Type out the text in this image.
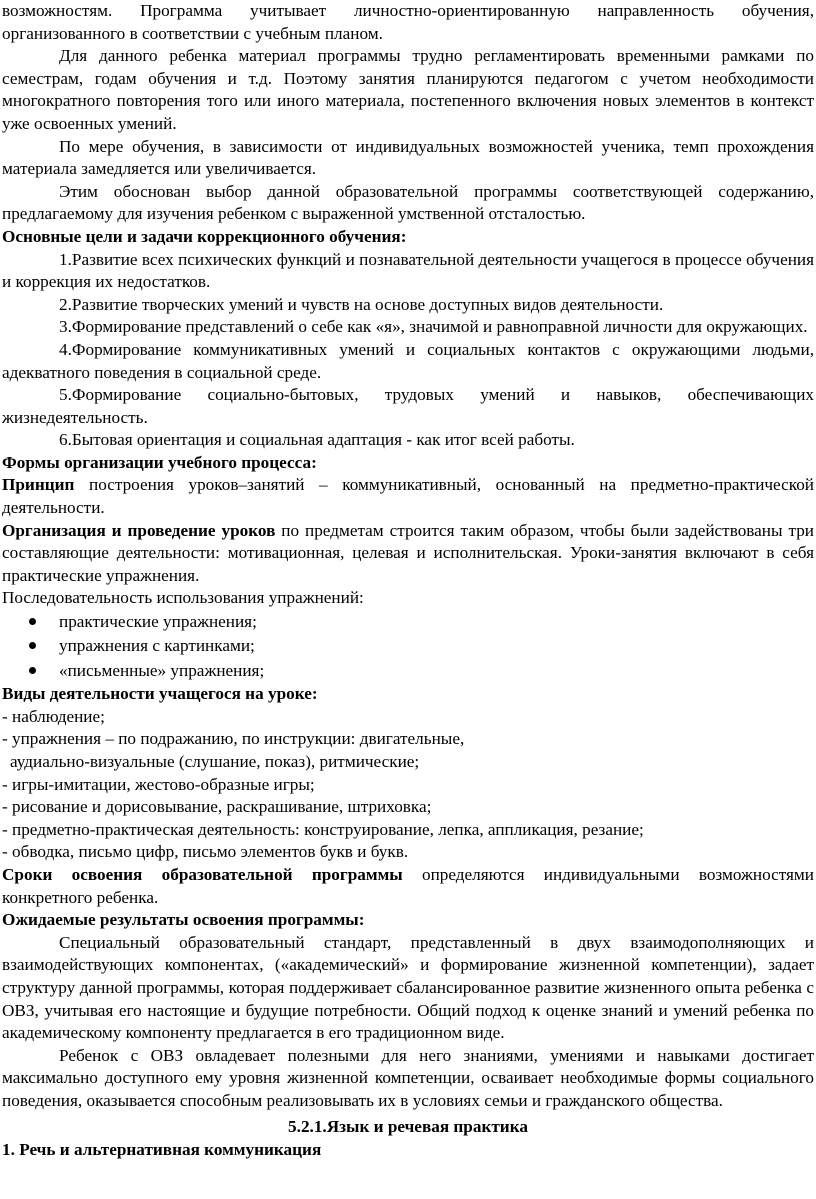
возможностям. Программа учитывает личностно-ориентированную направленность обучения, организованного в соответствии с учебным планом.

Для данного ребенка материал программы трудно регламентировать временными рамками по семестрам, годам обучения и т.д. Поэтому занятия планируются педагогом с учетом необходимости многократного повторения того или иного материала, постепенного включения новых элементов в контекст уже освоенных умений.

По мере обучения, в зависимости от индивидуальных возможностей ученика, темп прохождения материала замедляется или увеличивается.

Этим обоснован выбор данной образовательной программы соответствующей содержанию, предлагаемому для изучения ребенком с выраженной умственной отсталостью.

Основные цели и задачи коррекционного обучения:

1.Развитие всех психических функций и познавательной деятельности учащегося в процессе обучения и коррекция их недостатков.

2.Развитие творческих умений и чувств на основе доступных видов деятельности.

3.Формирование представлений о себе как «я», значимой и равноправной личности для окружающих.

4.Формирование коммуникативных умений и социальных контактов с окружающими людьми, адекватного поведения в социальной среде.

5.Формирование социально-бытовых, трудовых умений и навыков, обеспечивающих жизнедеятельность.

6.Бытовая ориентация и социальная адаптация - как итог всей работы.

Формы организации учебного процесса:

Принцип построения уроков–занятий – коммуникативный, основанный на предметно-практической деятельности.

Организация и проведение уроков по предметам строится таким образом, чтобы были задействованы три составляющие деятельности: мотивационная, целевая и исполнительская. Уроки-занятия включают в себя практические упражнения.

Последовательность использования упражнений:

практические упражнения;
упражнения с картинками;
«письменные» упражнения;

Виды деятельности учащегося на уроке:

- наблюдение;

- упражнения – по подражанию, по инструкции: двигательные,

аудиально-визуальные (слушание, показ), ритмические;

- игры-имитации, жестово-образные игры;

- рисование и дорисовывание, раскрашивание, штриховка;

- предметно-практическая деятельность: конструирование, лепка, аппликация, резание;

- обводка, письмо цифр, письмо элементов букв и букв.

Сроки освоения образовательной программы определяются индивидуальными возможностями конкретного ребенка.

Ожидаемые результаты освоения программы:

Специальный образовательный стандарт, представленный в двух взаимодополняющих и взаимодействующих компонентах, («академический» и формирование жизненной компетенции), задает структуру данной программы, которая поддерживает сбалансированное развитие жизненного опыта ребенка с ОВЗ, учитывая его настоящие и будущие потребности. Общий подход к оценке знаний и умений ребенка по академическому компоненту предлагается в его традиционном виде.

Ребенок с ОВЗ овладевает полезными для него знаниями, умениями и навыками достигает максимально доступного ему уровня жизненной компетенции, осваивает необходимые формы социального поведения, оказывается способным реализовывать их в условиях семьи и гражданского общества.

5.2.1.Язык и речевая практика

1. Речь и альтернативная коммуникация
